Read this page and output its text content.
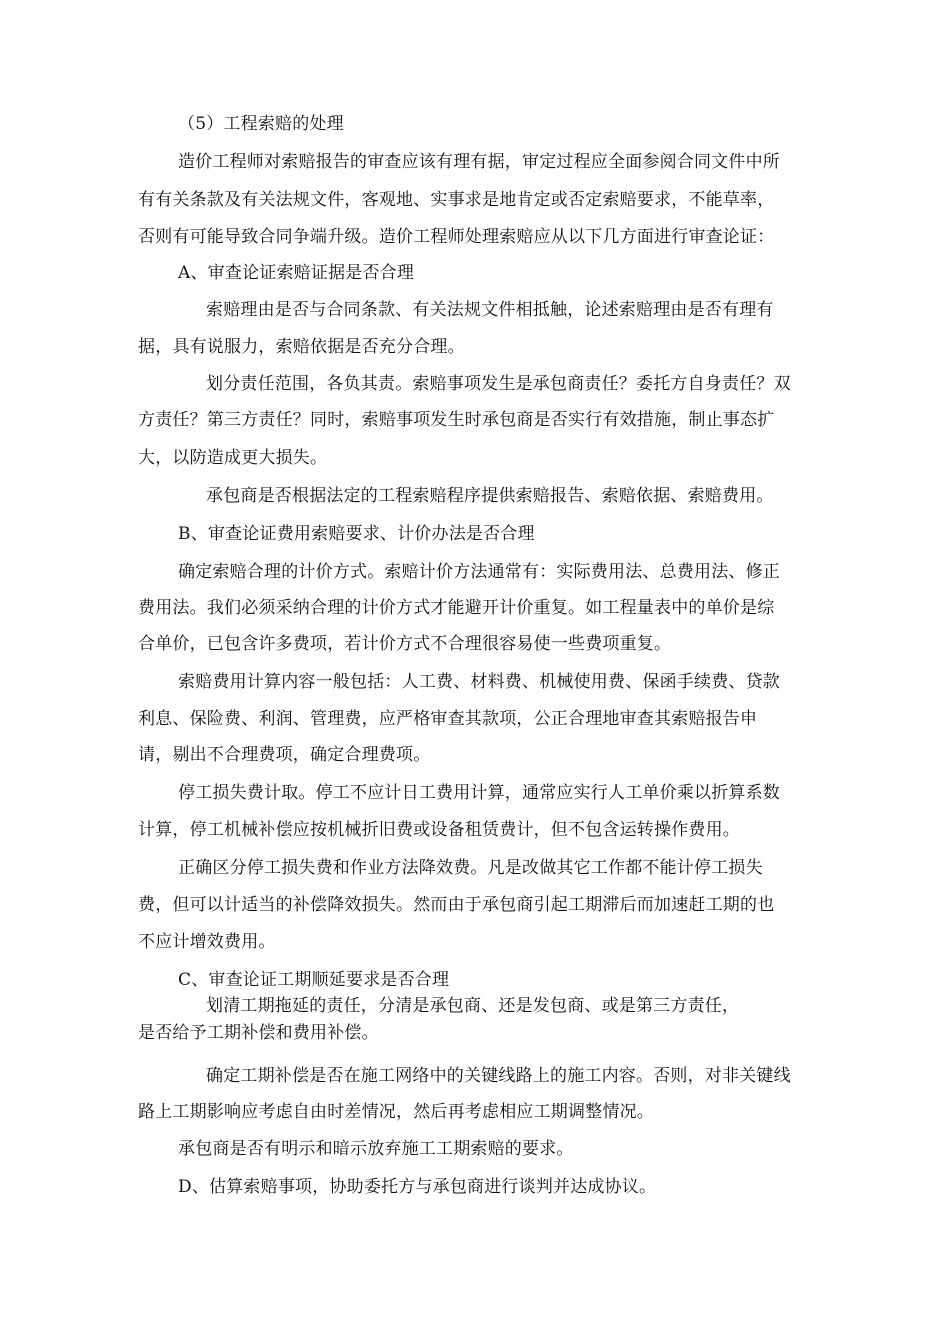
（5）工程索赔的处理
造价工程师对索赔报告的审查应该有理有据，审定过程应全面参阅合同文件中所
有有关条款及有关法规文件，客观地、实事求是地肯定或否定索赔要求，不能草率，
否则有可能导致合同争端升级。造价工程师处理索赔应从以下几方面进行审查论证：
A、审查论证索赔证据是否合理
索赔理由是否与合同条款、有关法规文件相抵触，论述索赔理由是否有理有
据，具有说服力，索赔依据是否充分合理。
划分责任范围，各负其责。索赔事项发生是承包商责任？委托方自身责任？双
方责任？第三方责任？同时，索赔事项发生时承包商是否实行有效措施，制止事态扩
大，以防造成更大损失。
承包商是否根据法定的工程索赔程序提供索赔报告、索赔依据、索赔费用。
B、审查论证费用索赔要求、计价办法是否合理
确定索赔合理的计价方式。索赔计价方法通常有：实际费用法、总费用法、修正
费用法。我们必须采纳合理的计价方式才能避开计价重复。如工程量表中的单价是综
合单价，已包含许多费项，若计价方式不合理很容易使一些费项重复。
索赔费用计算内容一般包括：人工费、材料费、机械使用费、保函手续费、贷款
利息、保险费、利润、管理费，应严格审查其款项，公正合理地审查其索赔报告申
请，剔出不合理费项，确定合理费项。
停工损失费计取。停工不应计日工费用计算，通常应实行人工单价乘以折算系数
计算，停工机械补偿应按机械折旧费或设备租赁费计，但不包含运转操作费用。
正确区分停工损失费和作业方法降效费。凡是改做其它工作都不能计停工损失
费，但可以计适当的补偿降效损失。然而由于承包商引起工期滞后而加速赶工期的也
不应计增效费用。
C、审查论证工期顺延要求是否合理
划清工期拖延的责任，分清是承包商、还是发包商、或是第三方责任，
是否给予工期补偿和费用补偿。
确定工期补偿是否在施工网络中的关键线路上的施工内容。否则，对非关键线
路上工期影响应考虑自由时差情况，然后再考虑相应工期调整情况。
承包商是否有明示和暗示放弃施工工期索赔的要求。
D、估算索赔事项，协助委托方与承包商进行谈判并达成协议。
